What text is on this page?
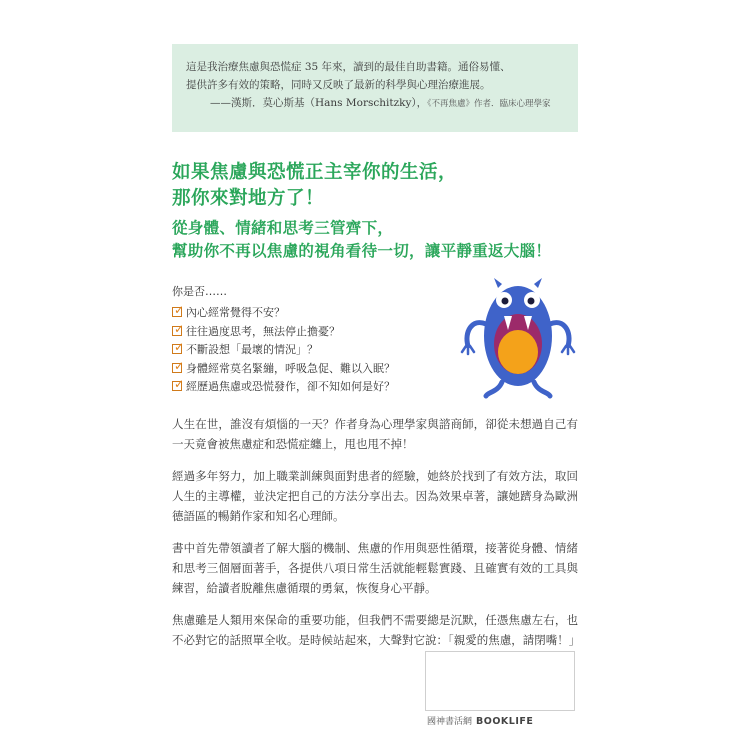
這是我治療焦慮與恐慌症 35 年來，讀到的最佳自助書籍。通俗易懂、
提供許多有效的策略，同時又反映了最新的科學與心理治療進展。
——漢斯．莫心斯基（Hans Morschitzky），《不再焦慮》作者．臨床心理學家
如果焦慮與恐慌正主宰你的生活，
那你來對地方了！
從身體、情緒和思考三管齊下，
幫助你不再以焦慮的視角看待一切，讓平靜重返大腦！
你是否……
✓ 內心經常覺得不安？
✓ 往往過度思考，無法停止擔憂？
✓ 不斷設想「最壞的情況」？
✓ 身體經常莫名緊繃，呼吸急促、難以入眠？
✓ 經歷過焦慮或恐慌發作，卻不知如何是好？

人生在世，誰沒有煩惱的一天？作者身為心理學家與諮商師，卻從未想過自己有一天竟會被焦慮症和恐慌症纏上，甩也甩不掉！

經過多年努力，加上職業訓練與面對患者的經驗，她終於找到了有效方法，取回人生的主導權，並決定把自己的方法分享出去。因為效果卓著，讓她躋身為歐洲德語區的暢銷作家和知名心理師。

書中首先帶領讀者了解大腦的機制、焦慮的作用與惡性循環，接著從身體、情緒和思考三個層面著手，各提供八項日常生活就能輕鬆實踐、且確實有效的工具與練習，給讀者脫離焦慮循環的勇氣，恢復身心平靜。

焦慮雖是人類用來保命的重要功能，但我們不需要總是沉默，任憑焦慮左右，也不必對它的話照單全收。是時候站起來，大聲對它說：「親愛的焦慮，請閉嘴！」

國神書活網 BOOKLIFE
